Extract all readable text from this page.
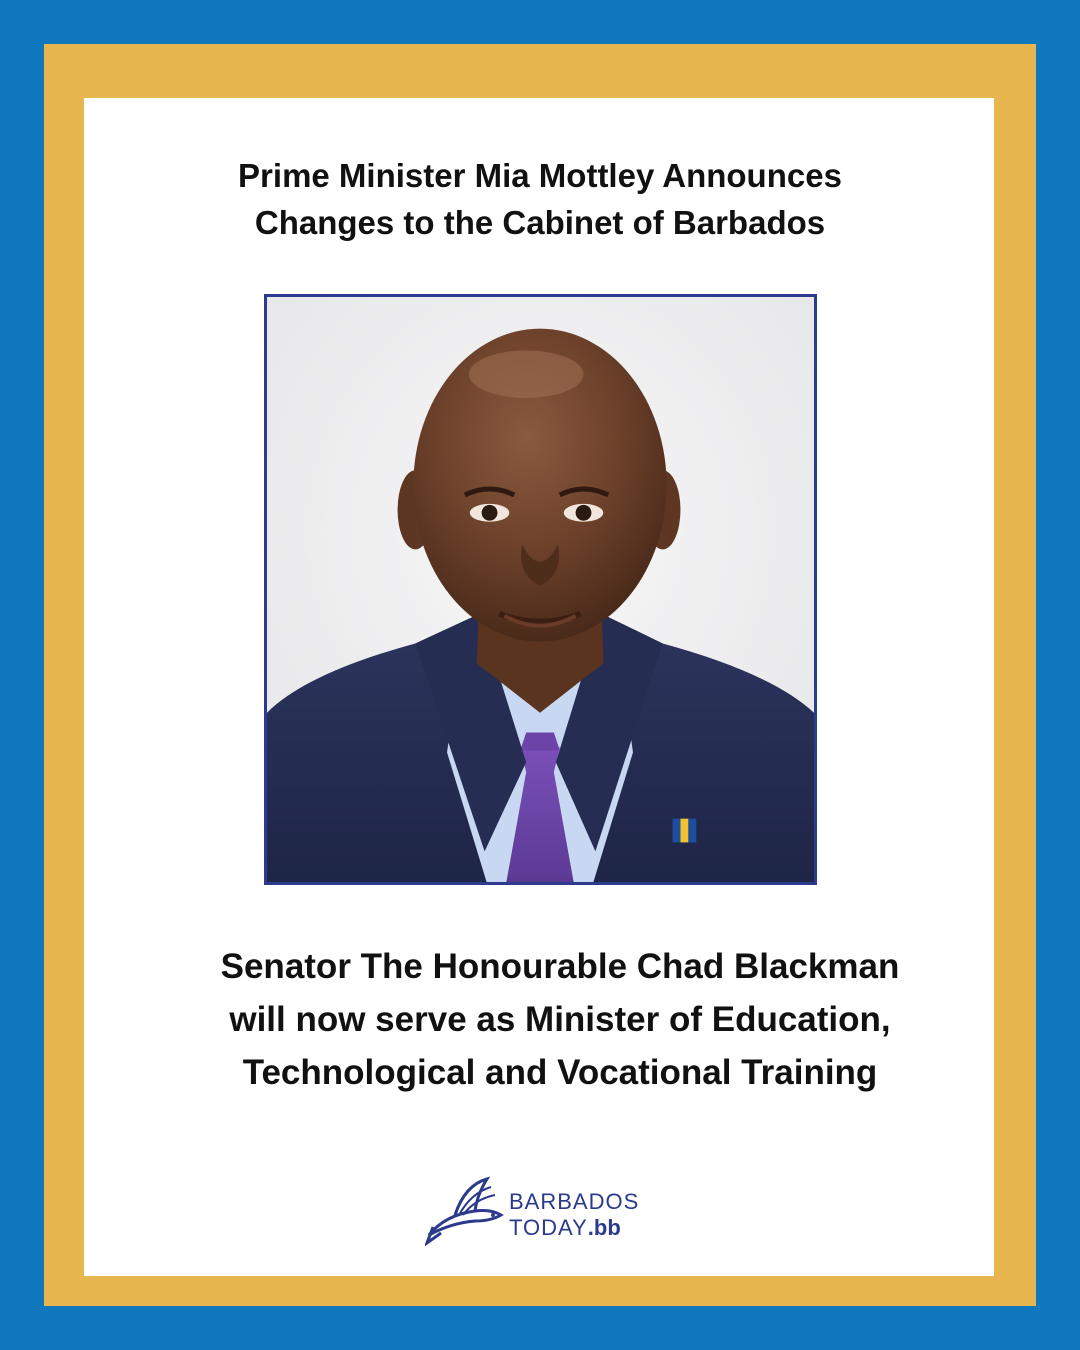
Prime Minister Mia Mottley Announces
Changes to the Cabinet of Barbados
Senator The Honourable Chad Blackman
will now serve as Minister of Education,
Technological and Vocational Training
BARBADOS
TODAY.bb
